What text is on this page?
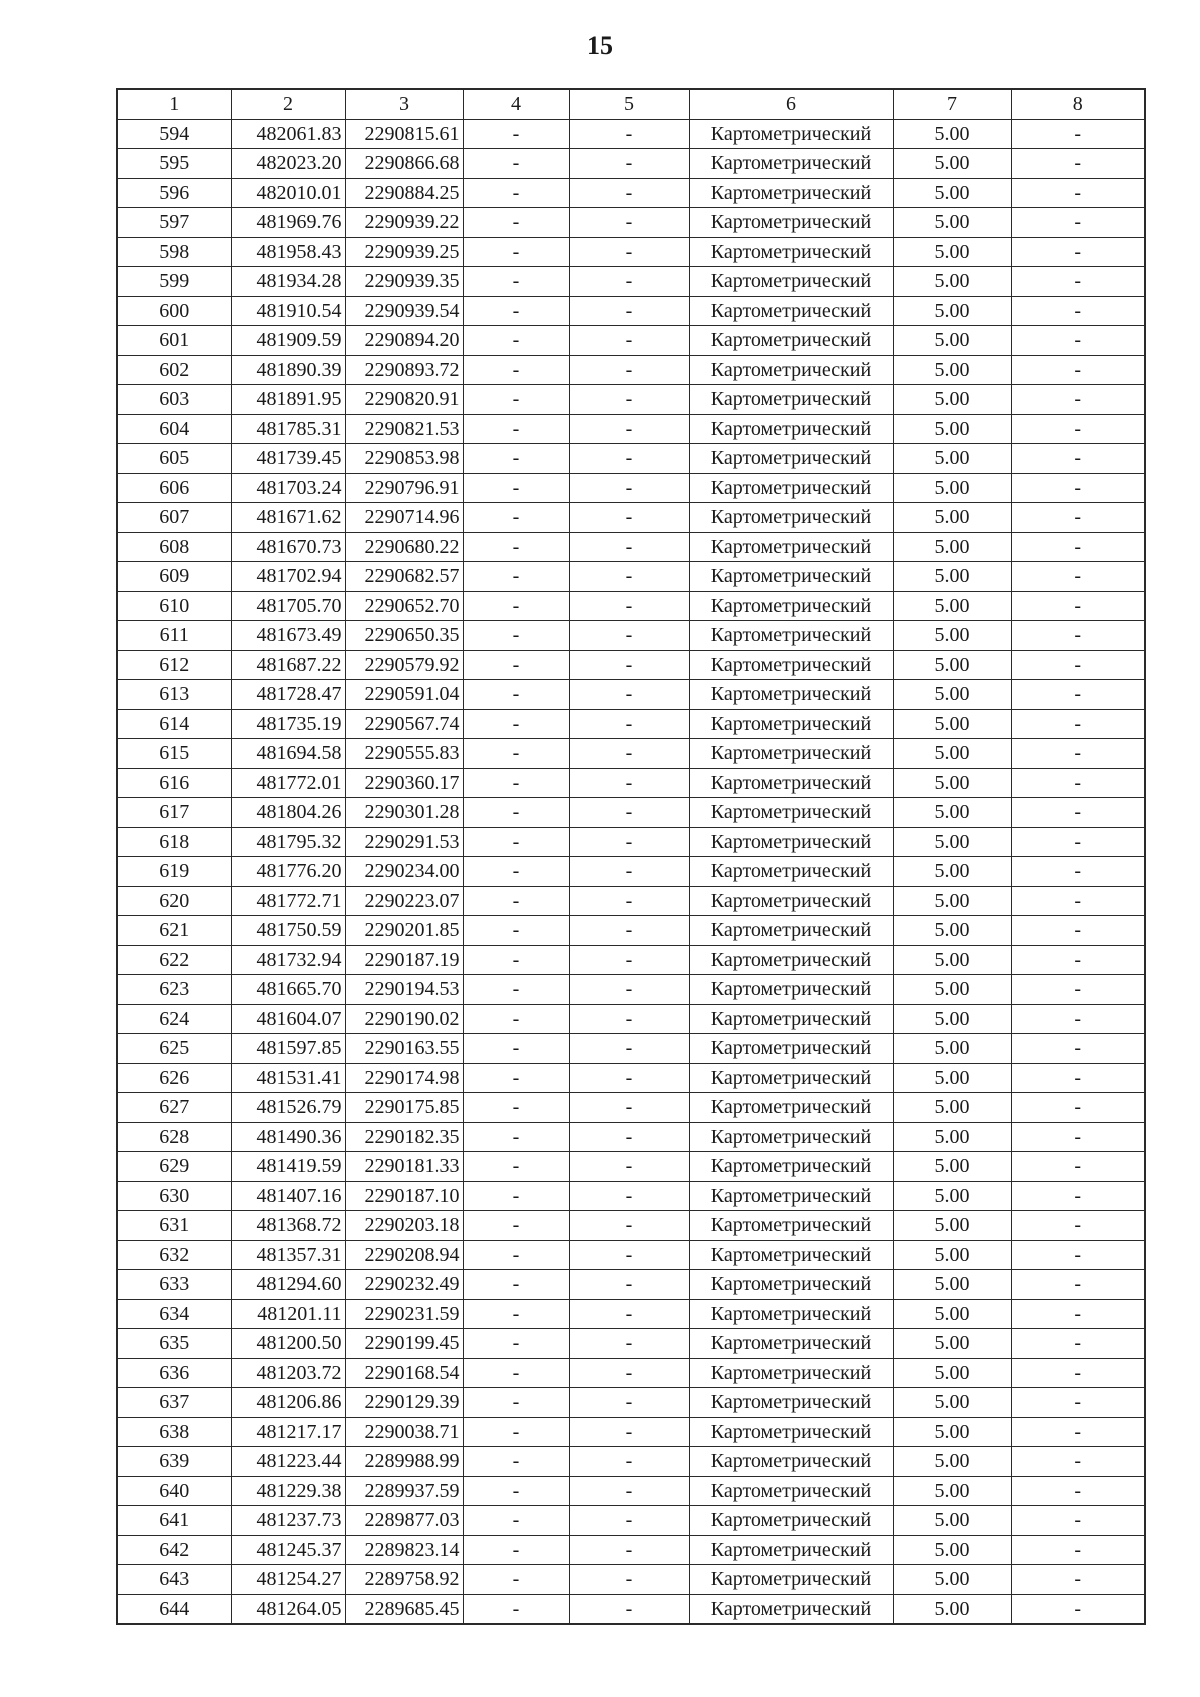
15
1	2	3	4	5	6	7	8
594	482061.83	2290815.61	-	-	Картометрический	5.00	-
595	482023.20	2290866.68	-	-	Картометрический	5.00	-
596	482010.01	2290884.25	-	-	Картометрический	5.00	-
597	481969.76	2290939.22	-	-	Картометрический	5.00	-
598	481958.43	2290939.25	-	-	Картометрический	5.00	-
599	481934.28	2290939.35	-	-	Картометрический	5.00	-
600	481910.54	2290939.54	-	-	Картометрический	5.00	-
601	481909.59	2290894.20	-	-	Картометрический	5.00	-
602	481890.39	2290893.72	-	-	Картометрический	5.00	-
603	481891.95	2290820.91	-	-	Картометрический	5.00	-
604	481785.31	2290821.53	-	-	Картометрический	5.00	-
605	481739.45	2290853.98	-	-	Картометрический	5.00	-
606	481703.24	2290796.91	-	-	Картометрический	5.00	-
607	481671.62	2290714.96	-	-	Картометрический	5.00	-
608	481670.73	2290680.22	-	-	Картометрический	5.00	-
609	481702.94	2290682.57	-	-	Картометрический	5.00	-
610	481705.70	2290652.70	-	-	Картометрический	5.00	-
611	481673.49	2290650.35	-	-	Картометрический	5.00	-
612	481687.22	2290579.92	-	-	Картометрический	5.00	-
613	481728.47	2290591.04	-	-	Картометрический	5.00	-
614	481735.19	2290567.74	-	-	Картометрический	5.00	-
615	481694.58	2290555.83	-	-	Картометрический	5.00	-
616	481772.01	2290360.17	-	-	Картометрический	5.00	-
617	481804.26	2290301.28	-	-	Картометрический	5.00	-
618	481795.32	2290291.53	-	-	Картометрический	5.00	-
619	481776.20	2290234.00	-	-	Картометрический	5.00	-
620	481772.71	2290223.07	-	-	Картометрический	5.00	-
621	481750.59	2290201.85	-	-	Картометрический	5.00	-
622	481732.94	2290187.19	-	-	Картометрический	5.00	-
623	481665.70	2290194.53	-	-	Картометрический	5.00	-
624	481604.07	2290190.02	-	-	Картометрический	5.00	-
625	481597.85	2290163.55	-	-	Картометрический	5.00	-
626	481531.41	2290174.98	-	-	Картометрический	5.00	-
627	481526.79	2290175.85	-	-	Картометрический	5.00	-
628	481490.36	2290182.35	-	-	Картометрический	5.00	-
629	481419.59	2290181.33	-	-	Картометрический	5.00	-
630	481407.16	2290187.10	-	-	Картометрический	5.00	-
631	481368.72	2290203.18	-	-	Картометрический	5.00	-
632	481357.31	2290208.94	-	-	Картометрический	5.00	-
633	481294.60	2290232.49	-	-	Картометрический	5.00	-
634	481201.11	2290231.59	-	-	Картометрический	5.00	-
635	481200.50	2290199.45	-	-	Картометрический	5.00	-
636	481203.72	2290168.54	-	-	Картометрический	5.00	-
637	481206.86	2290129.39	-	-	Картометрический	5.00	-
638	481217.17	2290038.71	-	-	Картометрический	5.00	-
639	481223.44	2289988.99	-	-	Картометрический	5.00	-
640	481229.38	2289937.59	-	-	Картометрический	5.00	-
641	481237.73	2289877.03	-	-	Картометрический	5.00	-
642	481245.37	2289823.14	-	-	Картометрический	5.00	-
643	481254.27	2289758.92	-	-	Картометрический	5.00	-
644	481264.05	2289685.45	-	-	Картометрический	5.00	-
